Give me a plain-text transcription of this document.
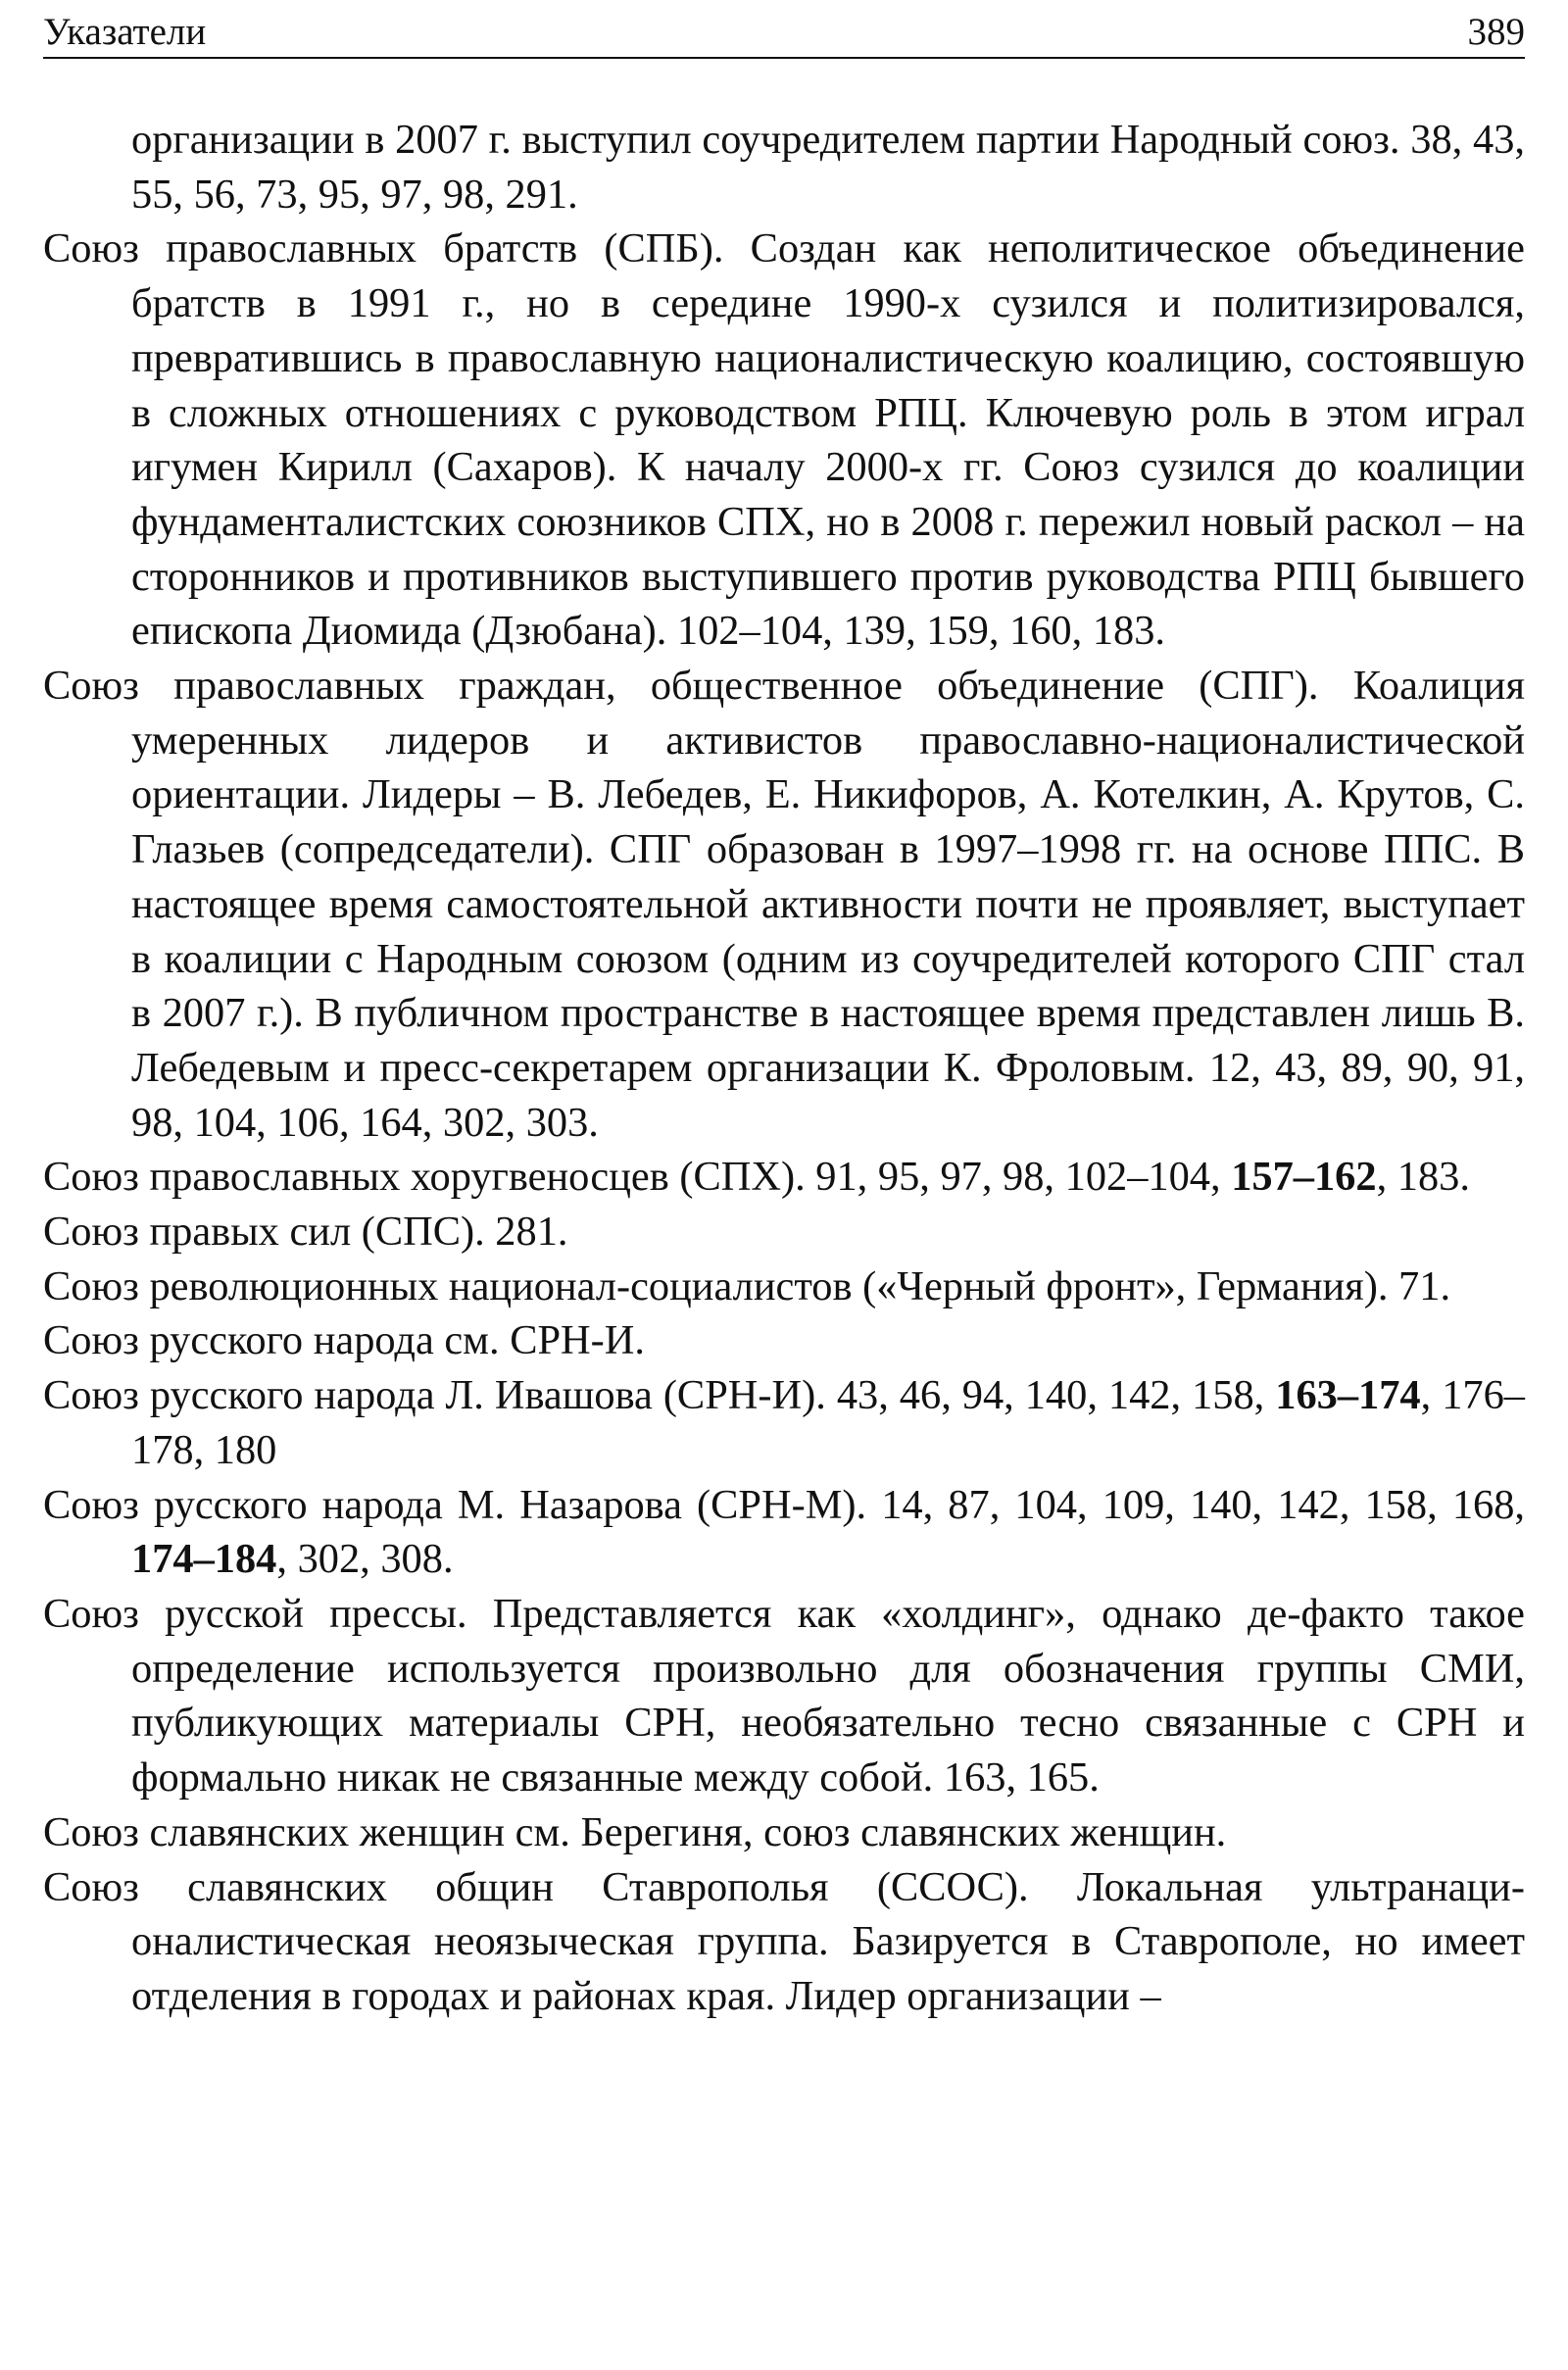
Указатели	389

организации в 2007 г. выступил соучредителем партии Народный союз. 38, 43, 55, 56, 73, 95, 97, 98, 291.

Союз православных братств (СПБ). Создан как неполитическое объединение братств в 1991 г., но в середине 1990-х сузился и политизировался, превратившись в православную националистическую коалицию, состоявшую в сложных отношениях с руководством РПЦ. Ключевую роль в этом играл игумен Кирилл (Сахаров). К началу 2000-х гг. Союз сузился до коалиции фундаменталистских союзников СПХ, но в 2008 г. пережил новый раскол – на сторонников и противников выступившего против руководства РПЦ бывшего епископа Диомида (Дзюбана). 102–104, 139, 159, 160, 183.

Союз православных граждан, общественное объединение (СПГ). Коалиция умеренных лидеров и активистов православно-националистической ориентации. Лидеры – В. Лебедев, Е. Никифоров, А. Котелкин, А. Крутов, С. Глазьев (сопредседатели). СПГ образован в 1997–1998 гг. на основе ППС. В настоящее время самостоятельной активности почти не проявляет, выступает в коалиции с Народным союзом (одним из соучредителей которого СПГ стал в 2007 г.). В публичном пространстве в настоящее время представлен лишь В. Лебедевым и пресс-секретарем организации К. Фроловым. 12, 43, 89, 90, 91, 98, 104, 106, 164, 302, 303.

Союз православных хоругвеносцев (СПХ). 91, 95, 97, 98, 102–104, 157–162, 183.

Союз правых сил (СПС). 281.

Союз революционных национал-социалистов («Черный фронт», Германия). 71.

Союз русского народа см. СРН-И.

Союз русского народа Л. Ивашова (СРН-И). 43, 46, 94, 140, 142, 158, 163–174, 176–178, 180

Союз русского народа М. Назарова (СРН-М). 14, 87, 104, 109, 140, 142, 158, 168, 174–184, 302, 308.

Союз русской прессы. Представляется как «холдинг», однако де-факто такое определение используется произвольно для обозначения группы СМИ, публикующих материалы СРН, необязательно тесно связанные с СРН и формально никак не связанные между собой. 163, 165.

Союз славянских женщин см. Берегиня, союз славянских женщин.

Союз славянских общин Ставрополья (ССОС). Локальная ультранационалистическая неоязыческая группа. Базируется в Ставрополе, но имеет отделения в городах и районах края. Лидер организации –
